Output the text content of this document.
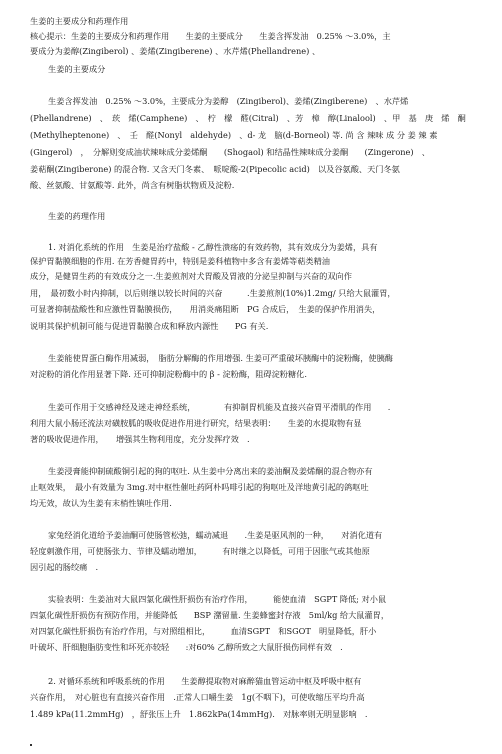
生姜的主要成分和药理作用
核心提示：生姜的主要成分和药理作用　　生姜的主要成分　　生姜含挥发油　0.25% ～3.0%，主
要成分为姜醇(Zingiberol) 、姜烯(Zingiberene) 、水芹烯(Phellandrene) 、
生姜的主要成分
生姜含挥发油　0.25% ～3.0%，主要成分为姜醇　(Zingiberol)、姜烯(Zingiberene)　、水芹烯
(Phellandrene)　、　莰　烯(Camphene)　、　柠　檬　醛(Citral)　、芳　樟　醇(Linalool)　、甲　基　庚　烯　酮
(Methylheptenone)　、　壬　醛(Nonyl　aldehyde)　、d- 龙　脑(d-Borneol) 等. 尚 含 辣味 成 分 姜 辣 素
(Gingerol)　，　分解则变成油状辣味成分姜烯酮　　(Shogaol) 和结晶性辣味成分姜酮　　(Zingerone)　、
姜萜酮(Zingiberone) 的混合物. 又含天门冬素、　哌啶酸-2(Pipecolic acid)　以及谷氨酸、天门冬氨
酸、丝氨酸、甘氨酸等. 此外，尚含有树脂状物质及淀粉.
生姜的药理作用
1. 对消化系统的作用　生姜是治疗盐酸 - 乙醇性溃疡的有效药物，其有效成分为姜烯，具有
保护胃黏膜细胞的作用. 在芳香健胃药中，特别是姜科植物中多含有姜烯等萜类精油
成分，是健胃生药的有效成分之一.生姜煎剂对犬胃酸及胃液的分泌呈抑制与兴奋的双向作
用，　最初数小时内抑制，以后则继以较长时间的兴奋　　　.生姜煎剂(10%)1.2mg/ 只给大鼠灌胃，
可显著抑制盐酸性和应激性胃黏膜损伤，　　用消炎痛阻断　PG 合成后，　生姜的保护作用消失，
说明其保护机制可能与促进胃黏膜合成和释放内源性　　PG 有关.
生姜能使胃蛋白酶作用减弱，　脂肪分解酶的作用增强. 生姜可严重破坏胰酶中的淀粉酶，使胰酶
对淀粉的消化作用显著下降. 还可抑制淀粉酶中的 β - 淀粉酶，阻碍淀粉糖化.
生姜可作用于交感神经及迷走神经系统，　　　　有抑制胃机能及直接兴奋胃平滑肌的作用　　.
利用大鼠小肠还流法对磺胺胍的吸收促进作用进行研究，结果表明：　　生姜的水提取物有显
著的吸收促进作用，　　增强其生物利用度，充分发挥疗效　.
生姜浸膏能抑制硫酸铜引起的狗的呕吐. 从生姜中分离出来的姜油酮及姜烯酮的混合物亦有
止呕效果，　最小有效量为 3mg.对中枢性催吐药阿朴吗啡引起的狗呕吐及洋地黄引起的鸽呕吐
均无效，故认为生姜有末梢性镇吐作用.
家兔经消化道给予姜油酮可使肠管松弛，蠕动减退　　.生姜是驱风剂的一种，　　对消化道有
轻度刺激作用，可使肠张力、节律及蠕动增加，　　　有时继之以降低，可用于因胀气或其他原
因引起的肠绞痛　.
实验表明：生姜油对大鼠四氯化碳性肝损伤有治疗作用，　　　能使血清　SGPT 降低; 对小鼠
四氯化碳性肝损伤有预防作用，并能降低　　BSP 潴留量. 生姜蜂蜜封存液　5ml/kg 给大鼠灌胃，
对四氯化碳性肝损伤有治疗作用，与对照组相比，　　　血清SGPT　和SGOT　明显降低，肝小
叶破坏、肝细胞脂肪变性和坏死亦较轻　　:对60% 乙醇所致之大鼠肝损伤同样有效　.
2. 对循环系统和呼吸系统的作用　　生姜醇提取物对麻醉猫血管运动中枢及呼吸中枢有
兴奋作用，　对心脏也有直接兴奋作用　.正常人口嚼生姜　1g(不咽下)，可使收缩压平均升高
1.489 kPa(11.2mmHg)　，舒张压上升　1.862kPa(14mmHg).　对脉率则无明显影响　.
